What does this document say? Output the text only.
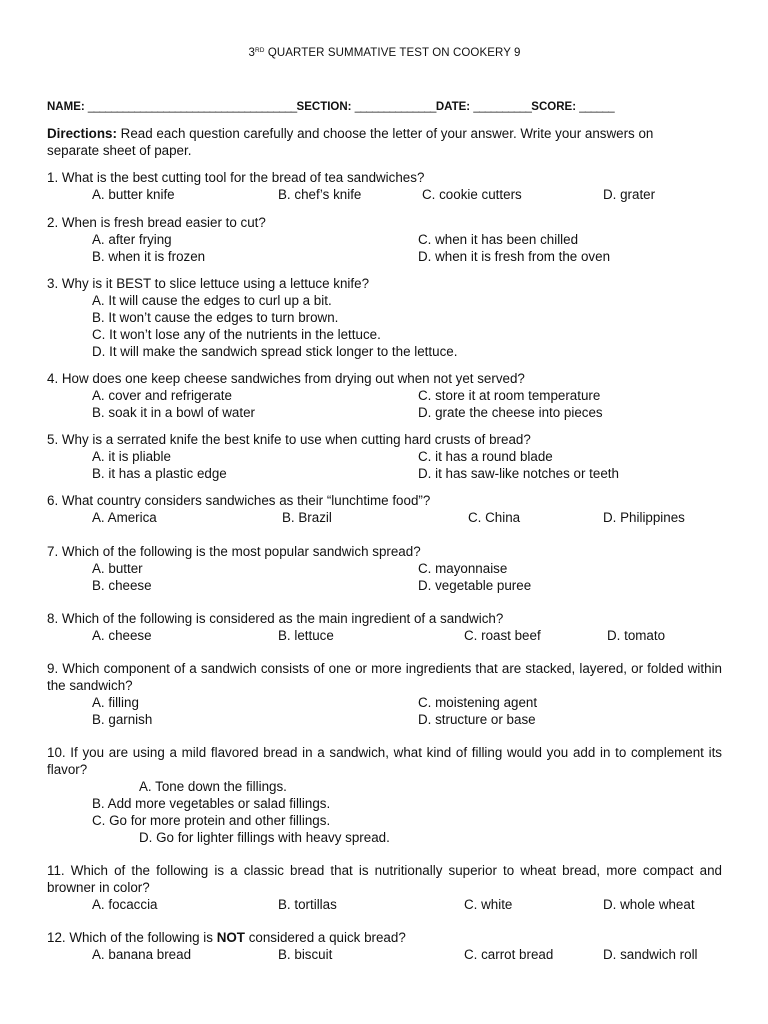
3RD QUARTER SUMMATIVE TEST ON COOKERY 9
NAME: ____________________________________SECTION: ______________DATE: __________SCORE: ______
Directions: Read each question carefully and choose the letter of your answer. Write your answers on separate sheet of paper.
1. What is the best cutting tool for the bread of tea sandwiches?
A. butter knife	B. chef’s knife	C. cookie cutters	D. grater
2. When is fresh bread easier to cut?
A. after frying	C. when it has been chilled
B. when it is frozen	D. when it is fresh from the oven
3. Why is it BEST to slice lettuce using a lettuce knife?
A. It will cause the edges to curl up a bit.
B. It won’t cause the edges to turn brown.
C. It won’t lose any of the nutrients in the lettuce.
D. It will make the sandwich spread stick longer to the lettuce.
4. How does one keep cheese sandwiches from drying out when not yet served?
A. cover and refrigerate	C. store it at room temperature
B. soak it in a bowl of water	D. grate the cheese into pieces
5. Why is a serrated knife the best knife to use when cutting hard crusts of bread?
A. it is pliable	C. it has a round blade
B. it has a plastic edge	D. it has saw-like notches or teeth
6. What country considers sandwiches as their “lunchtime food”?
A. America	B. Brazil	C. China	D. Philippines
7. Which of the following is the most popular sandwich spread?
A. butter	C. mayonnaise
B. cheese	D. vegetable puree
8. Which of the following is considered as the main ingredient of a sandwich?
A. cheese	B. lettuce	C. roast beef	D. tomato
9. Which component of a sandwich consists of one or more ingredients that are stacked, layered, or folded within the sandwich?
A. filling	C. moistening agent
B. garnish	D. structure or base
10. If you are using a mild flavored bread in a sandwich, what kind of filling would you add in to complement its flavor?
A. Tone down the fillings.
B. Add more vegetables or salad fillings.
C. Go for more protein and other fillings.
D. Go for lighter fillings with heavy spread.
11. Which of the following is a classic bread that is nutritionally superior to wheat bread, more compact and browner in color?
A. focaccia	B. tortillas	C. white	D. whole wheat
12. Which of the following is NOT considered a quick bread?
A. banana bread	B. biscuit	C. carrot bread	D. sandwich roll
